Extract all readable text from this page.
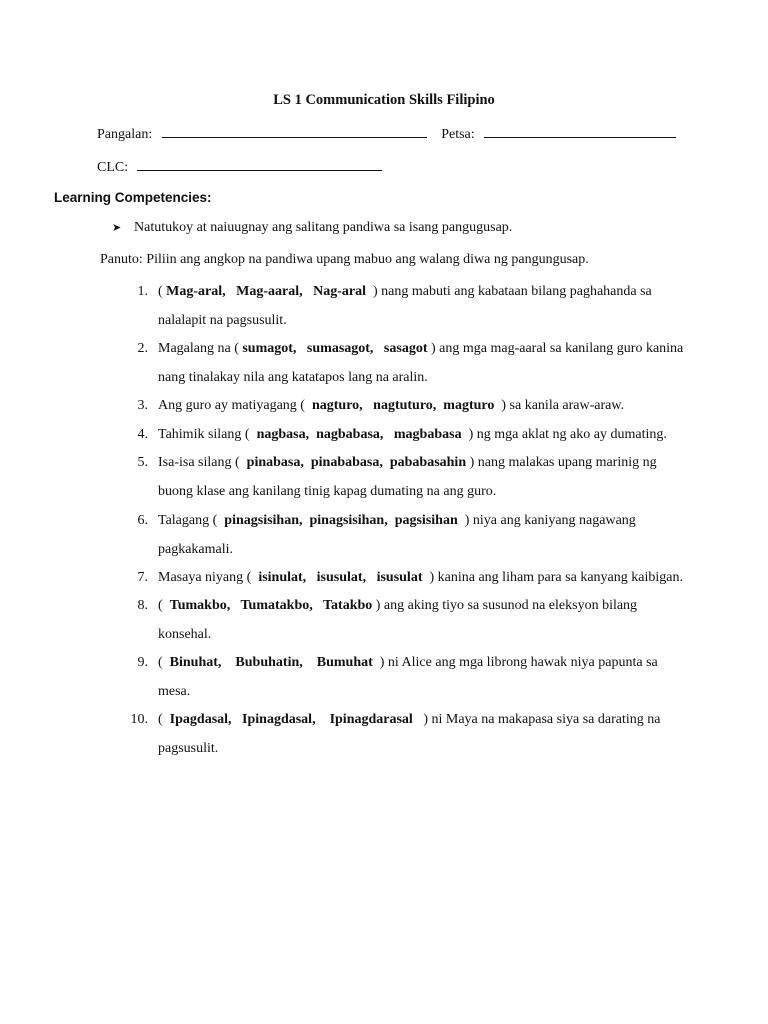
LS 1 Communication Skills Filipino
Pangalan:	Petsa:
CLC:
Learning Competencies:
➤ Natutukoy at naiuugnay ang salitang pandiwa sa isang pangugusap.
Panuto: Piliin ang angkop na pandiwa upang mabuo ang walang diwa ng pangungusap.
1. ( Mag-aral,   Mag-aaral,   Nag-aral  ) nang mabuti ang kabataan bilang paghahanda sa
nalalapit na pagsusulit.
2. Magalang na ( sumagot,   sumasagot,   sasagot ) ang mga mag-aaral sa kanilang guro kanina
nang tinalakay nila ang katatapos lang na aralin.
3. Ang guro ay matiyagang (  nagturo,   nagtuturo,  magturo  ) sa kanila araw-araw.
4. Tahimik silang (  nagbasa,  nagbabasa,   magbabasa  ) ng mga aklat ng ako ay dumating.
5. Isa-isa silang (  pinabasa,  pinababasa,  pababasahin ) nang malakas upang marinig ng
buong klase ang kanilang tinig kapag dumating na ang guro.
6. Talagang (  pinagsisihan,  pinagsisihan,  pagsisihan  ) niya ang kaniyang nagawang
pagkakamali.
7. Masaya niyang (  isinulat,   isusulat,   isusulat  ) kanina ang liham para sa kanyang kaibigan.
8. (  Tumakbo,   Tumatakbo,   Tatakbo ) ang aking tiyo sa susunod na eleksyon bilang
konsehal.
9. (  Binuhat,    Bubuhatin,    Bumuhat  ) ni Alice ang mga librong hawak niya papunta sa
mesa.
10. (  Ipagdasal,   Ipinagdasal,    Ipinagdarasal   ) ni Maya na makapasa siya sa darating na
pagsusulit.
